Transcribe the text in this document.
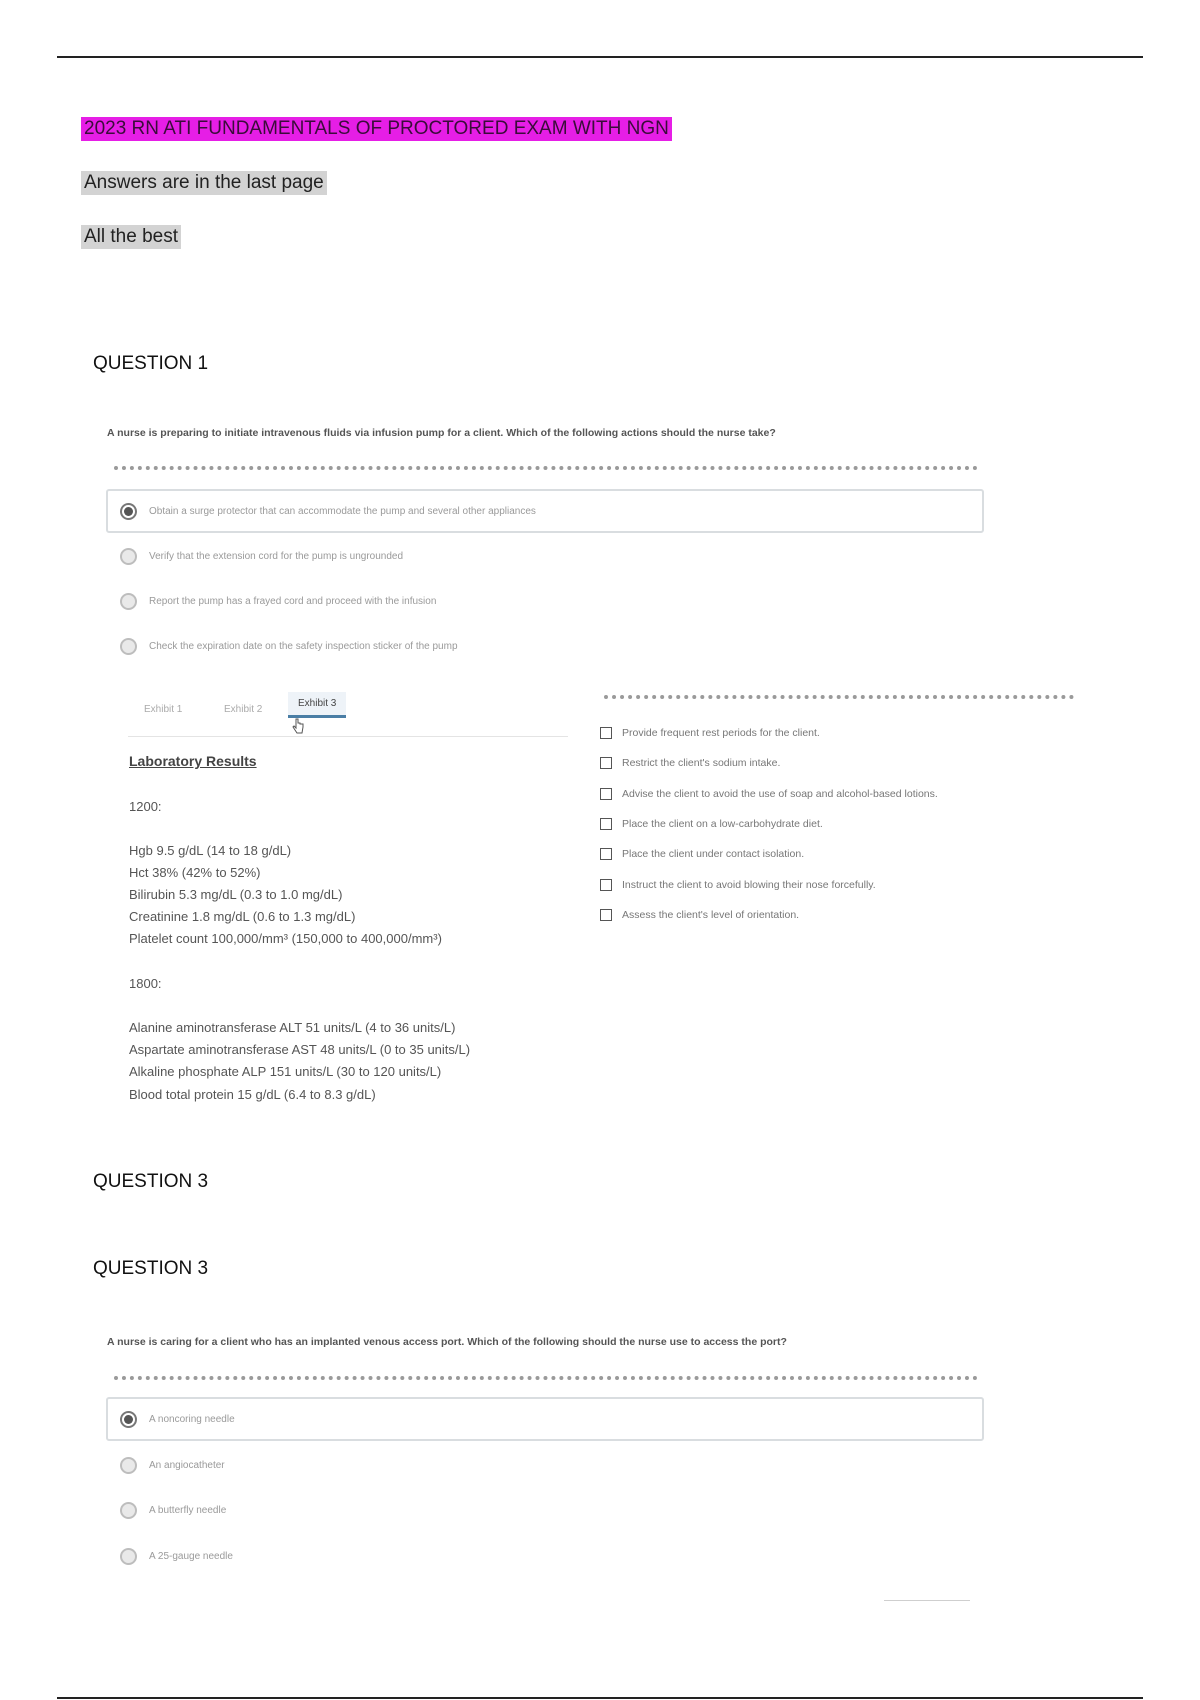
2023 RN ATI FUNDAMENTALS OF PROCTORED EXAM WITH NGN
Answers are in the last page
All the best
QUESTION 1
A nurse is preparing to initiate intravenous fluids via infusion pump for a client. Which of the following actions should the nurse take?
Obtain a surge protector that can accommodate the pump and several other appliances
Verify that the extension cord for the pump is ungrounded
Report the pump has a frayed cord and proceed with the infusion
Check the expiration date on the safety inspection sticker of the pump
Exhibit 1	Exhibit 2
Exhibit 3
Laboratory Results
1200:
Hgb 9.5 g/dL (14 to 18 g/dL)
Hct 38% (42% to 52%)
Bilirubin 5.3 mg/dL (0.3 to 1.0 mg/dL)
Creatinine 1.8 mg/dL (0.6 to 1.3 mg/dL)
Platelet count 100,000/mm³ (150,000 to 400,000/mm³)
1800:
Alanine aminotransferase ALT 51 units/L (4 to 36 units/L)
Aspartate aminotransferase AST 48 units/L (0 to 35 units/L)
Alkaline phosphate ALP 151 units/L (30 to 120 units/L)
Blood total protein 15 g/dL (6.4 to 8.3 g/dL)
Provide frequent rest periods for the client.
Restrict the client's sodium intake.
Advise the client to avoid the use of soap and alcohol-based lotions.
Place the client on a low-carbohydrate diet.
Place the client under contact isolation.
Instruct the client to avoid blowing their nose forcefully.
Assess the client's level of orientation.
QUESTION 3
QUESTION 3
A nurse is caring for a client who has an implanted venous access port. Which of the following should the nurse use to access the port?
A noncoring needle
An angiocatheter
A butterfly needle
A 25-gauge needle
